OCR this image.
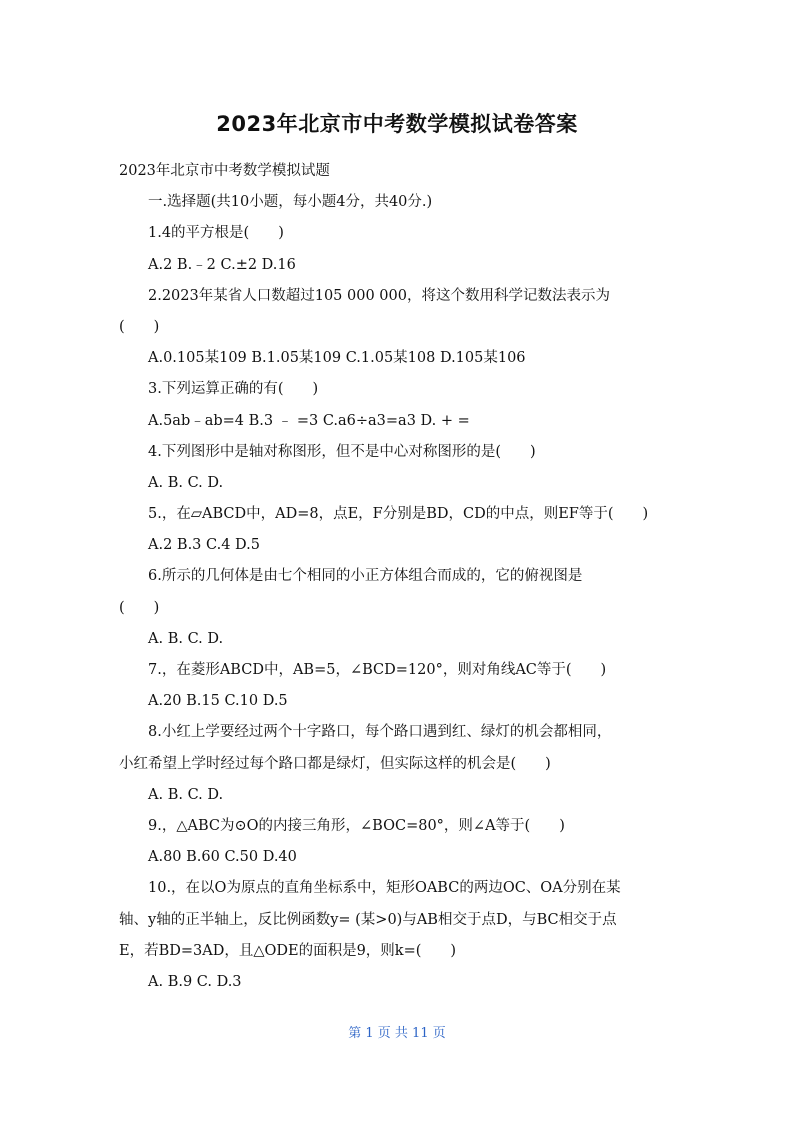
2023年北京市中考数学模拟试卷答案
2023年北京市中考数学模拟试题
一.选择题(共10小题，每小题4分，共40分.)
1.4的平方根是(　　)
A.2 B.﹣2 C.±2 D.16
2.2023年某省人口数超过105 000 000，将这个数用科学记数法表示为
(　　)
A.0.105某109 B.1.05某109 C.1.05某108 D.105某106
3.下列运算正确的有(　　)
A.5ab﹣ab=4 B.3 ﹣ =3 C.a6÷a3=a3 D. + =
4.下列图形中是轴对称图形，但不是中心对称图形的是(　　)
A. B. C. D.
5.，在▱ABCD中，AD=8，点E，F分别是BD，CD的中点，则EF等于(　　)
A.2 B.3 C.4 D.5
6.所示的几何体是由七个相同的小正方体组合而成的，它的俯视图是
(　　)
A. B. C. D.
7.，在菱形ABCD中，AB=5，∠BCD=120°，则对角线AC等于(　　)
A.20 B.15 C.10 D.5
8.小红上学要经过两个十字路口，每个路口遇到红、绿灯的机会都相同，
小红希望上学时经过每个路口都是绿灯，但实际这样的机会是(　　)
A. B. C. D.
9.，△ABC为⊙O的内接三角形，∠BOC=80°，则∠A等于(　　)
A.80 B.60 C.50 D.40
10.，在以O为原点的直角坐标系中，矩形OABC的两边OC、OA分别在某
轴、y轴的正半轴上，反比例函数y= (某>0)与AB相交于点D，与BC相交于点
E，若BD=3AD，且△ODE的面积是9，则k=(　　)
A. B.9 C. D.3
第 1 页 共 11 页
